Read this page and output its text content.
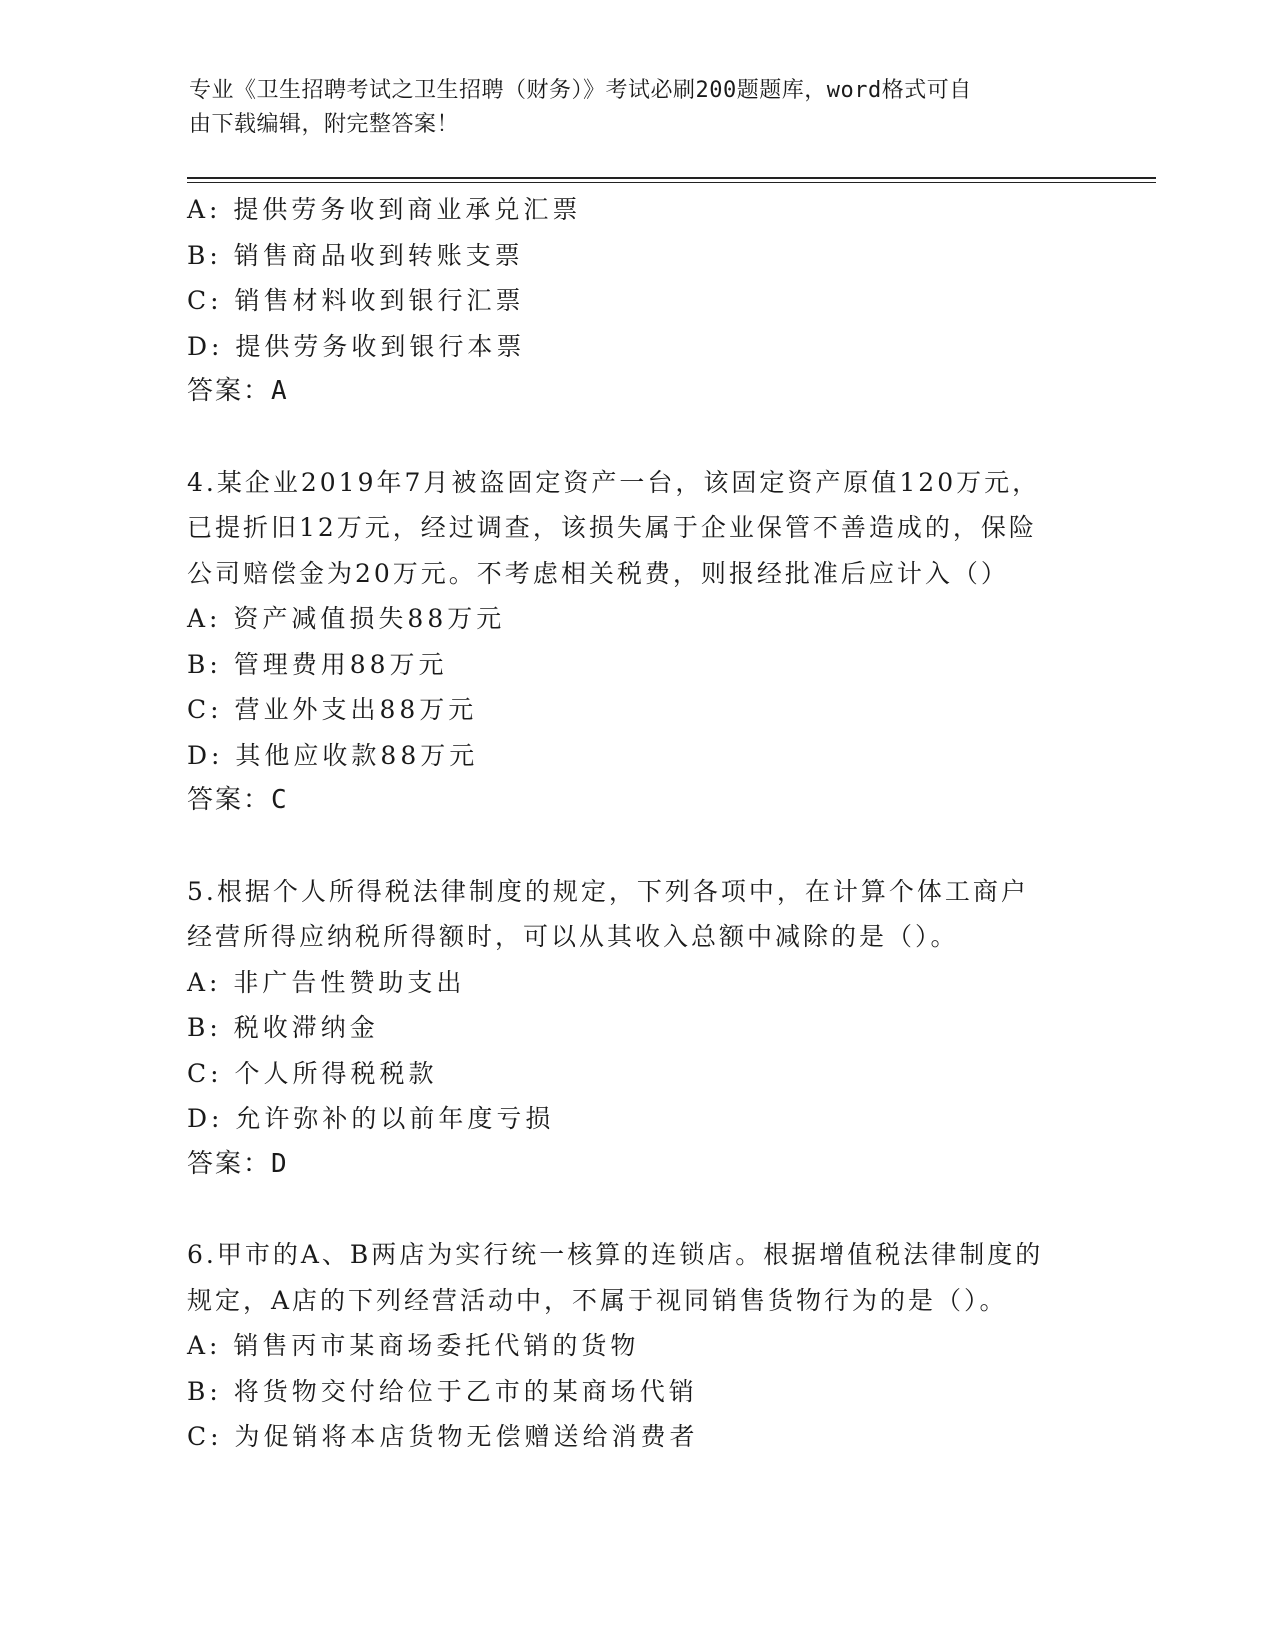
专业《卫生招聘考试之卫生招聘（财务）》考试必刷200题题库，word格式可自
由下载编辑，附完整答案！
A: 提供劳务收到商业承兑汇票
B: 销售商品收到转账支票
C: 销售材料收到银行汇票
D: 提供劳务收到银行本票
答案：A
4.某企业2019年7月被盗固定资产一台，该固定资产原值120万元，
已提折旧12万元，经过调查，该损失属于企业保管不善造成的，保险
公司赔偿金为20万元。不考虑相关税费，则报经批准后应计入（）
A: 资产减值损失88万元
B: 管理费用88万元
C: 营业外支出88万元
D: 其他应收款88万元
答案：C
5.根据个人所得税法律制度的规定，下列各项中，在计算个体工商户
经营所得应纳税所得额时，可以从其收入总额中减除的是（）。
A: 非广告性赞助支出
B: 税收滞纳金
C: 个人所得税税款
D: 允许弥补的以前年度亏损
答案：D
6.甲市的A、B两店为实行统一核算的连锁店。根据增值税法律制度的
规定，A店的下列经营活动中，不属于视同销售货物行为的是（）。
A: 销售丙市某商场委托代销的货物
B: 将货物交付给位于乙市的某商场代销
C: 为促销将本店货物无偿赠送给消费者
